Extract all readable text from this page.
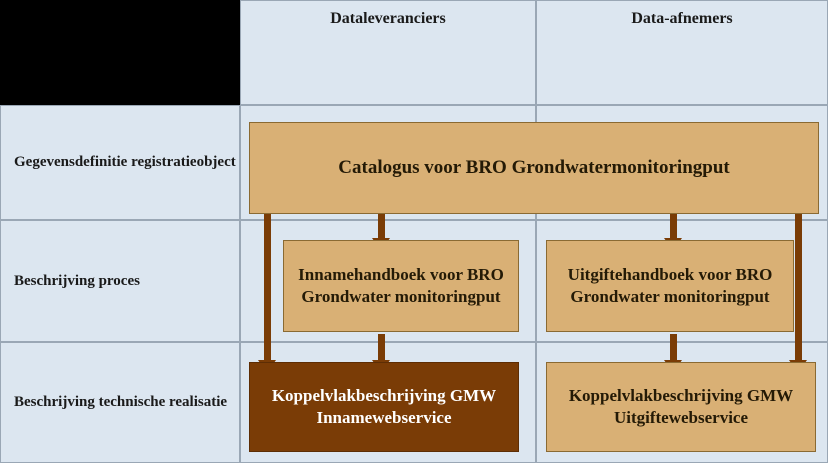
Dataleveranciers	Data-afnemers
Gegevensdefinitie registratieobject
Beschrijving proces
Beschrijving technische realisatie
Catalogus voor BRO Grondwatermonitoringput
Innamehandboek voor BRO Grondwater monitoringput
Uitgiftehandboek voor BRO Grondwater monitoringput
Koppelvlakbeschrijving GMW Innamewebservice
Koppelvlakbeschrijving GMW Uitgiftewebservice
